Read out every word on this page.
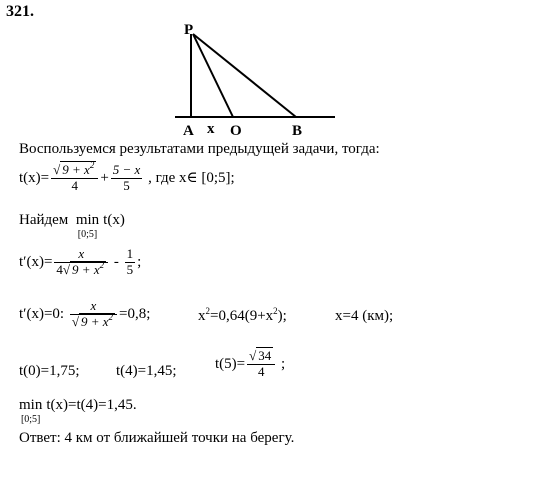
321.
P
A x O	B
Воспользуемся результатами предыдущей задачи, тогда:
$t(x)= \frac{√ 9 + x^2}{4} + \frac{5 - x}{5}$ , где x∈ [0;5];
Найдем min
[0;5]
t(x)
$t'(x)= \frac{x}{4√ 9 + x^2} - \frac{1}{5}$ ;
t′(x)=0: $\frac{x}{√ 9 + x^2} =0,8$;	$x^2=0,64(9+x^2)$;	x=4 (км);
t(0)=1,75; t(4)=1,45;	$t(5)= \frac{√ 34}{4}$ ;
min
[0;5]
t(x)=t(4)=1,45.
Ответ: 4 км от ближайшей точки на берегу.
